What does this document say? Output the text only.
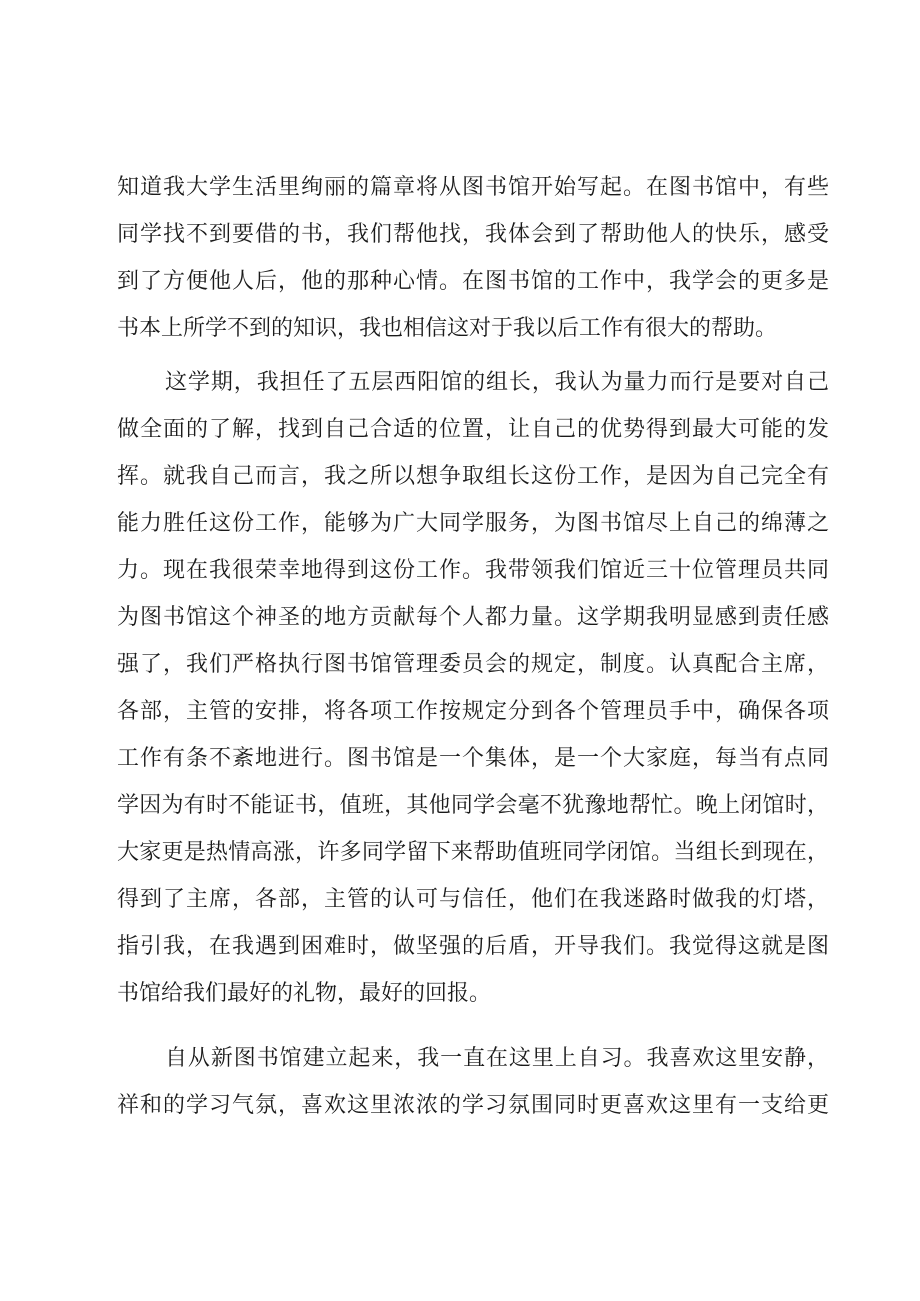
知道我大学生活里绚丽的篇章将从图书馆开始写起。在图书馆中，有些
同学找不到要借的书，我们帮他找，我体会到了帮助他人的快乐，感受
到了方便他人后，他的那种心情。在图书馆的工作中，我学会的更多是
书本上所学不到的知识，我也相信这对于我以后工作有很大的帮助。

这学期，我担任了五层西阳馆的组长，我认为量力而行是要对自己
做全面的了解，找到自己合适的位置，让自己的优势得到最大可能的发
挥。就我自己而言，我之所以想争取组长这份工作，是因为自己完全有
能力胜任这份工作，能够为广大同学服务，为图书馆尽上自己的绵薄之
力。现在我很荣幸地得到这份工作。我带领我们馆近三十位管理员共同
为图书馆这个神圣的地方贡献每个人都力量。这学期我明显感到责任感
强了，我们严格执行图书馆管理委员会的规定，制度。认真配合主席，
各部，主管的安排，将各项工作按规定分到各个管理员手中，确保各项
工作有条不紊地进行。图书馆是一个集体，是一个大家庭，每当有点同
学因为有时不能证书，值班，其他同学会毫不犹豫地帮忙。晚上闭馆时，
大家更是热情高涨，许多同学留下来帮助值班同学闭馆。当组长到现在，
得到了主席，各部，主管的认可与信任，他们在我迷路时做我的灯塔，
指引我，在我遇到困难时，做坚强的后盾，开导我们。我觉得这就是图
书馆给我们最好的礼物，最好的回报。

自从新图书馆建立起来，我一直在这里上自习。我喜欢这里安静，
祥和的学习气氛，喜欢这里浓浓的学习氛围同时更喜欢这里有一支给更
